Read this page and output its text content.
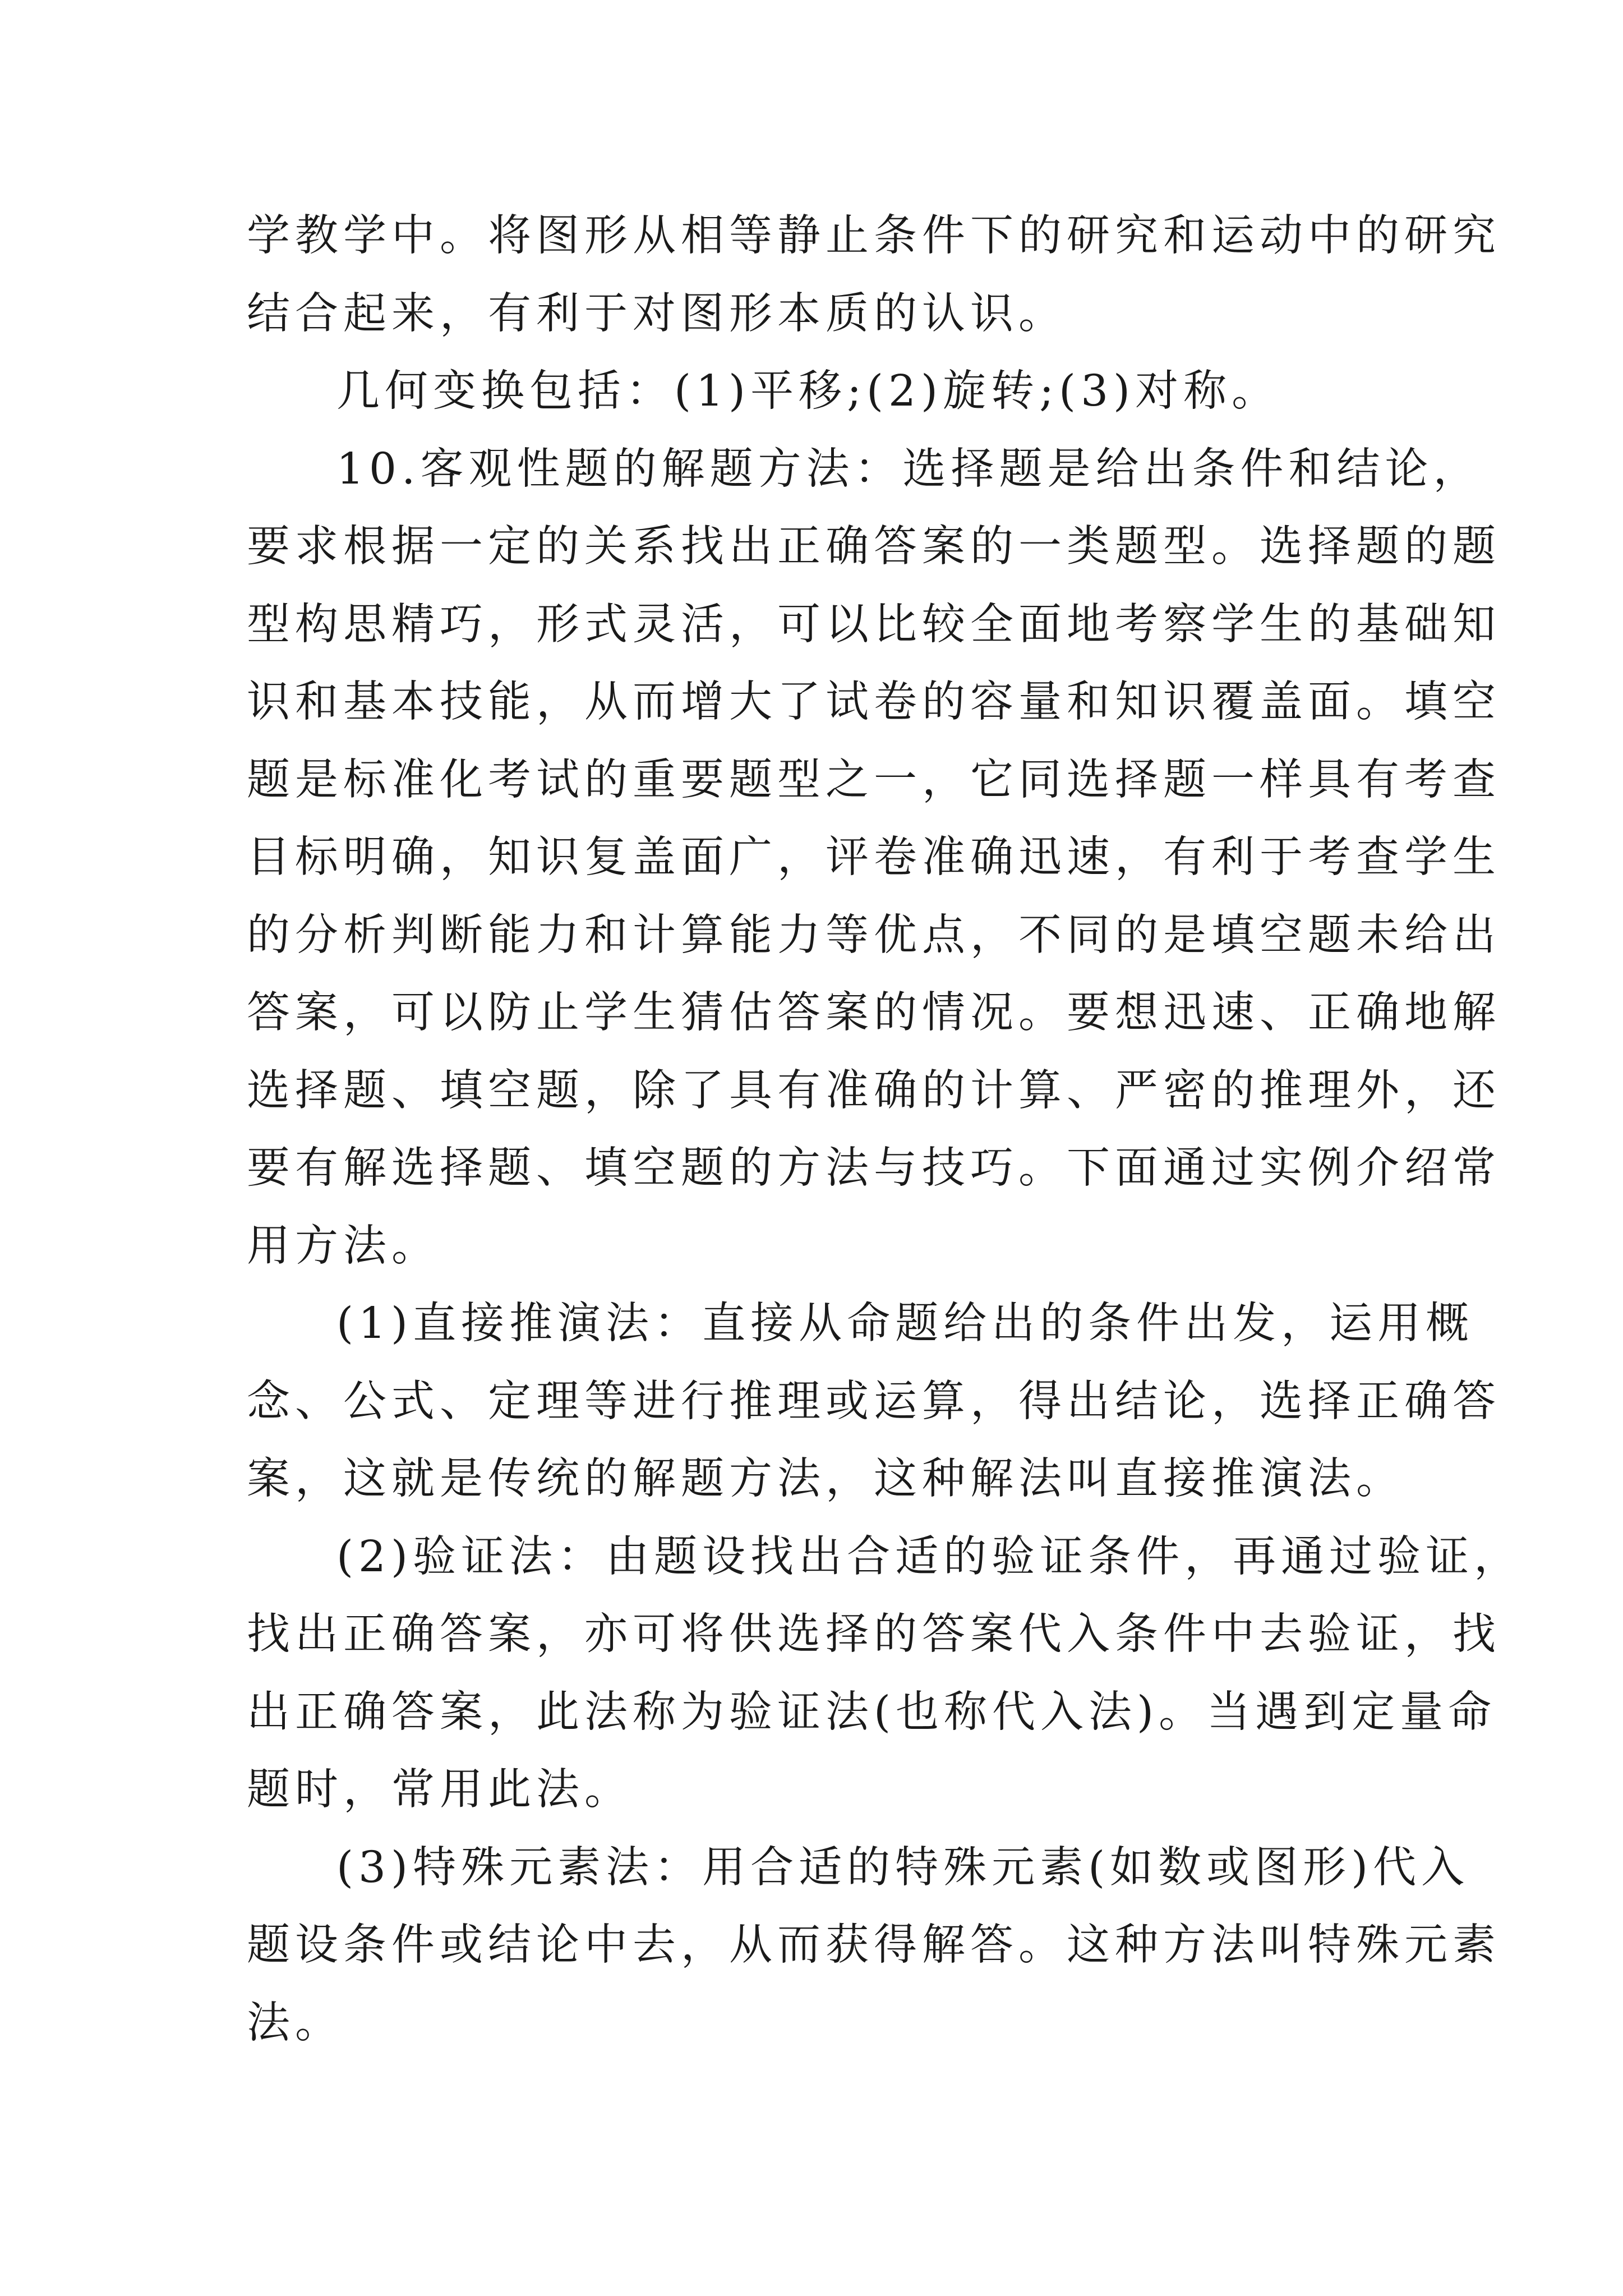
学教学中。将图形从相等静止条件下的研究和运动中的研究
结合起来，有利于对图形本质的认识。
几何变换包括：(1)平移;(2)旋转;(3)对称。
10.客观性题的解题方法：选择题是给出条件和结论，
要求根据一定的关系找出正确答案的一类题型。选择题的题
型构思精巧，形式灵活，可以比较全面地考察学生的基础知
识和基本技能，从而增大了试卷的容量和知识覆盖面。填空
题是标准化考试的重要题型之一，它同选择题一样具有考查
目标明确，知识复盖面广，评卷准确迅速，有利于考查学生
的分析判断能力和计算能力等优点，不同的是填空题未给出
答案，可以防止学生猜估答案的情况。要想迅速、正确地解
选择题、填空题，除了具有准确的计算、严密的推理外，还
要有解选择题、填空题的方法与技巧。下面通过实例介绍常
用方法。
(1)直接推演法：直接从命题给出的条件出发，运用概
念、公式、定理等进行推理或运算，得出结论，选择正确答
案，这就是传统的解题方法，这种解法叫直接推演法。
(2)验证法：由题设找出合适的验证条件，再通过验证，
找出正确答案，亦可将供选择的答案代入条件中去验证，找
出正确答案，此法称为验证法(也称代入法)。当遇到定量命
题时，常用此法。
(3)特殊元素法：用合适的特殊元素(如数或图形)代入
题设条件或结论中去，从而获得解答。这种方法叫特殊元素
法。
